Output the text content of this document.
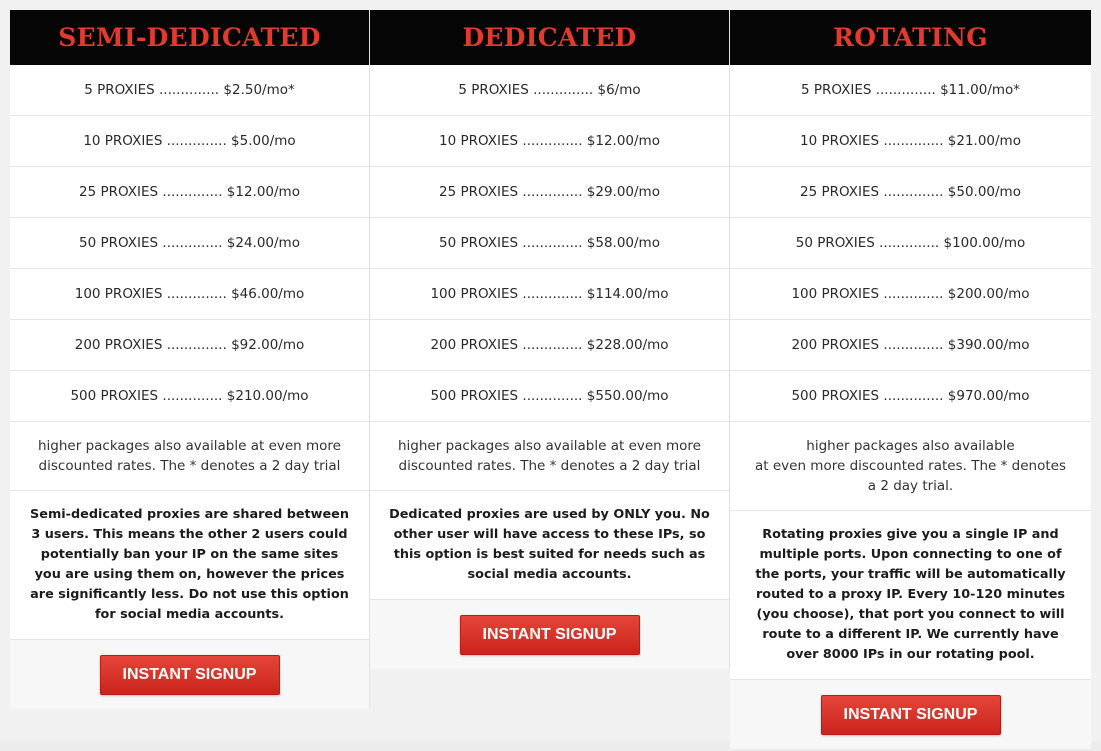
SEMI-DEDICATED
5 PROXIES .............. $2.50/mo*
10 PROXIES .............. $5.00/mo
25 PROXIES .............. $12.00/mo
50 PROXIES .............. $24.00/mo
100 PROXIES .............. $46.00/mo
200 PROXIES .............. $92.00/mo
500 PROXIES .............. $210.00/mo
higher packages also available at even more
discounted rates. The * denotes a 2 day trial
Semi-dedicated proxies are shared between 3 users. This means the other 2 users could potentially ban your IP on the same sites you are using them on, however the prices are significantly less. Do not use this option for social media accounts.
INSTANT SIGNUP
DEDICATED
5 PROXIES .............. $6/mo
10 PROXIES .............. $12.00/mo
25 PROXIES .............. $29.00/mo
50 PROXIES .............. $58.00/mo
100 PROXIES .............. $114.00/mo
200 PROXIES .............. $228.00/mo
500 PROXIES .............. $550.00/mo
higher packages also available at even more
discounted rates. The * denotes a 2 day trial
Dedicated proxies are used by ONLY you. No other user will have access to these IPs, so this option is best suited for needs such as social media accounts.
INSTANT SIGNUP
ROTATING
5 PROXIES .............. $11.00/mo*
10 PROXIES .............. $21.00/mo
25 PROXIES .............. $50.00/mo
50 PROXIES .............. $100.00/mo
100 PROXIES .............. $200.00/mo
200 PROXIES .............. $390.00/mo
500 PROXIES .............. $970.00/mo
higher packages also available
at even more discounted rates. The * denotes a 2 day trial.
Rotating proxies give you a single IP and multiple ports. Upon connecting to one of the ports, your traffic will be automatically routed to a proxy IP. Every 10-120 minutes (you choose), that port you connect to will route to a different IP. We currently have over 8000 IPs in our rotating pool.
INSTANT SIGNUP
